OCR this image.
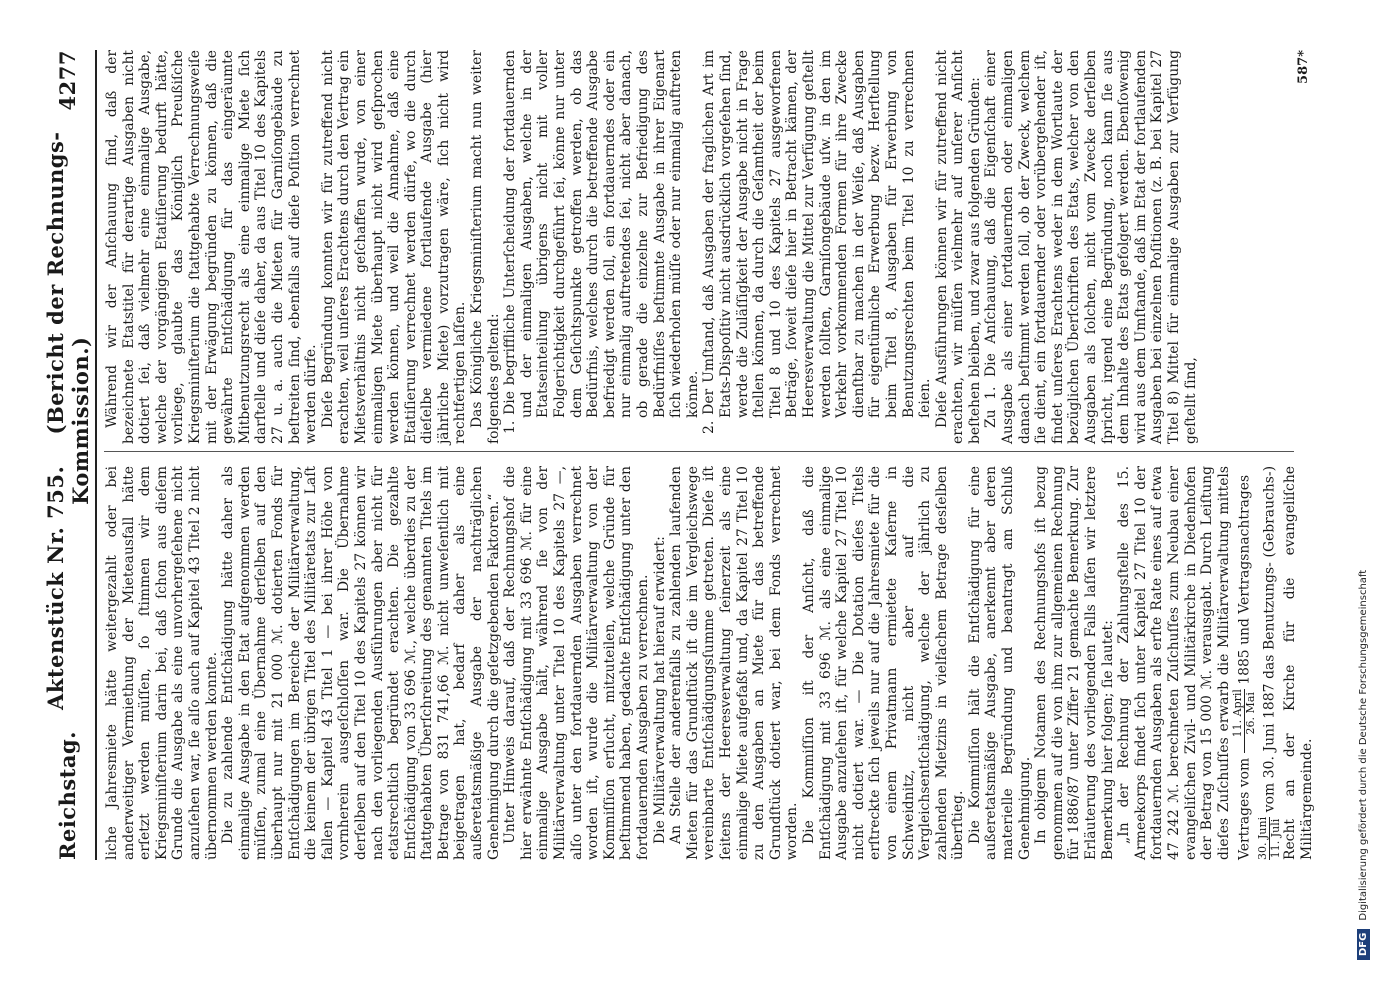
Reichstag.
Aktenstück Nr. 755.    (Bericht der Rechnungs-Kommission.)
4277

liche Jahresmiete hätte weitergezahlt oder bei anderweitiger Vermiethung der Mieteausfall hätte erſetzt werden müſſen, ſo ſtimmen wir dem Kriegsminiſterium darin bei, daß ſchon aus dieſem Grunde die Ausgabe als eine unvorhergeſehene nicht anzuſehen war, ſie alſo auch auf Kapitel 43 Titel 2 nicht übernommen werden konnte. Die zu zahlende Entſchädigung hätte daher als einmalige Ausgabe in den Etat aufgenommen werden müſſen, zumal eine Übernahme derſelben auf den überhaupt nur mit 21 000 ℳ. dotierten Fonds für Entſchädigungen im Bereiche der Militärverwaltung, die keinem der übrigen Titel des Militäretats zur Laſt fallen — Kapitel 43 Titel 1 — bei ihrer Höhe von vornherein ausgeſchloſſen war. Die Übernahme derſelben auf den Titel 10 des Kapitels 27 können wir nach den vorliegenden Ausführungen aber nicht für etatsrechtlich begründet erachten. Die gezahlte Entſchädigung von 33 696 ℳ., welche überdies zu der ſtattgehabten Überſchreitung des genannten Titels im Betrage von 831 741,66 ℳ. nicht unweſentlich mit beigetragen hat, bedarf daher als eine außeretatsmäßige Ausgabe der nachträglichen Genehmigung durch die geſetzgebenden Faktoren.“ Unter Hinweis darauf, daß der Rechnungshof die hier erwähnte Entſchädigung mit 33 696 ℳ. für eine einmalige Ausgabe hält, während ſie von der Militärverwaltung unter Titel 10 des Kapitels 27 —, alſo unter den fortdauernden Ausgaben verrechnet worden iſt, wurde die Militärverwaltung von der Kommiſſion erſucht, mitzuteilen, welche Gründe für beſtimmend haben, gedachte Entſchädigung unter den fortdauernden Ausgaben zu verrechnen. Die Militärverwaltung hat hierauf erwidert: An Stelle der anderenfalls zu zahlenden laufenden Mieten für das Grundſtück iſt die im Vergleichswege vereinbarte Entſchädigungsſumme getreten. Dieſe iſt ſeitens der Heeresverwaltung ſeinerzeit als eine einmalige Miete aufgefaßt und, da Kapitel 27 Titel 10 zu den Ausgaben an Miete für das betreffende Grundſtück dotiert war, bei dem Fonds verrechnet worden. Die Kommiſſion iſt der Anſicht, daß die Entſchädigung mit 33 696 ℳ. als eine einmalige Ausgabe anzuſehen iſt, für welche Kapitel 27 Titel 10 nicht dotiert war. — Die Dotation dieſes Titels erſtreckte ſich jeweils nur auf die Jahresmiete für die von einem Privatmann ermietete Kaſerne in Schweidnitz, nicht aber auf die Vergleichsentſchädigung, welche der jährlich zu zahlenden Mietzins in vielfachem Betrage desſelben überſtieg. Die Kommiſſion hält die Entſchädigung für eine außeretatsmäßige Ausgabe, anerkennt aber deren materielle Begründung und beantragt am Schluß Genehmigung. In obigem Notamen des Rechnungshofs iſt bezug genommen auf die von ihm zur allgemeinen Rechnung für 1886/87 unter Ziffer 21 gemachte Bemerkung. Zur Erläuterung des vorliegenden Falls laſſen wir letztere Bemerkung hier folgen; ſie lautet: „In der Rechnung der Zahlungsſtelle des 15. Armeekorps findet ſich unter Kapitel 27 Titel 10 der fortdauernden Ausgaben als erſte Rate eines auf etwa 47 242 ℳ. berechneten Zuſchuſſes zum Neubau einer evangeliſchen Zivil- und Militärkirche in Diedenhofen der Betrag von 15 000 ℳ. verausgabt. Durch Leiſtung dieſes Zuſchuſſes erwarb die Militärverwaltung mittels Vertrages vom
11. April 26. Mai
1885 und Vertragsnachtrages

30. Juni 11. Juli
vom 30. Juni 1887 das Benutzungs- (Gebrauchs-) Recht an der Kirche für die evangeliſche Militärgemeinde.

Während wir der Anſchauung ſind, daß der bezeichnete Etatstitel für derartige Ausgaben nicht dotiert ſei, daß vielmehr eine einmalige Ausgabe, welche der vorgängigen Etatiſierung bedurft hätte, vorliege, glaubte das Königlich Preußiſche Kriegsminiſterium die ſtattgehabte Verrechnungsweiſe mit der Erwägung begründen zu können, daß die gewährte Entſchädigung für das eingeräumte Mitbenutzungsrecht als eine einmalige Miete ſich darſtelle und dieſe daher, da aus Titel 10 des Kapitels 27 u. a. auch die Mieten für Garniſongebäude zu beſtreiten ſind, ebenfalls auf dieſe Poſition verrechnet werden dürfe. Dieſe Begründung konnten wir für zutreffend nicht erachten, weil unſeres Erachtens durch den Vertrag ein Mietsverhältnis nicht geſchaffen wurde, von einer einmaligen Miete überhaupt nicht wird geſprochen werden können, und weil die Annahme, daß eine Etatiſierung verrechnet werden dürfe, wo die durch dieſelbe vermiedene fortlaufende Ausgabe (hier jährliche Miete) vorzutragen wäre, ſich nicht wird rechtfertigen laſſen. Das Königliche Kriegsminiſterium macht nun weiter folgendes geltend: 1. Die begriffliche Unterſcheidung der fortdauernden und der einmaligen Ausgaben, welche in der Etatseinteilung übrigens nicht mit voller Folgerichtigkeit durchgeführt ſei, könne nur unter dem Geſichtspunkte getroffen werden, ob das Bedürfnis, welches durch die betreffende Ausgabe befriedigt werden ſoll, ein fortdauerndes oder ein nur einmalig auftretendes ſei, nicht aber danach, ob gerade die einzelne zur Befriedigung des Bedürfniſſes beſtimmte Ausgabe in ihrer Eigenart ſich wiederholen müſſe oder nur einmalig auftreten könne. 2. Der Umſtand, daß Ausgaben der fraglichen Art im Etats-Dispoſitiv nicht ausdrücklich vorgeſehen ſind, werde die Zuläſſigkeit der Ausgabe nicht in Frage ſtellen können, da durch die Geſamtheit der beim Titel 8 und 10 des Kapitels 27 ausgeworfenen Beträge, ſoweit dieſe hier in Betracht kämen, der Heeresverwaltung die Mittel zur Verfügung geſtellt werden ſollten, Garniſongebäude uſw. in den im Verkehr vorkommenden Formen für ihre Zwecke dienſtbar zu machen in der Weiſe, daß Ausgaben für eigentümliche Erwerbung bezw. Herſtellung beim Titel 8, Ausgaben für Erwerbung von Benutzungsrechten beim Titel 10 zu verrechnen ſeien. Dieſe Ausführungen können wir für zutreffend nicht erachten, wir müſſen vielmehr auf unſerer Anſicht beſtehen bleiben, und zwar aus folgenden Gründen: Zu 1. Die Anſchauung, daß die Eigenſchaft einer Ausgabe als einer fortdauernden oder einmaligen danach beſtimmt werden ſoll, ob der Zweck, welchem ſie dient, ein fortdauernder oder vorübergehender iſt, findet unſeres Erachtens weder in dem Wortlaute der bezüglichen Überſchriften des Etats, welcher von den Ausgaben als ſolchen, nicht vom Zwecke derſelben ſpricht, irgend eine Begründung, noch kann ſie aus dem Inhalte des Etats gefolgert werden. Ebenſowenig wird aus dem Umſtande, daß im Etat der fortlaufenden Ausgaben bei einzelnen Poſitionen (z. B. bei Kapitel 27 Titel 8) Mittel für einmalige Ausgaben zur Verfügung geſtellt ſind,

587*
DFG
Digitalisierung gefördert durch die Deutsche Forschungsgemeinschaft
